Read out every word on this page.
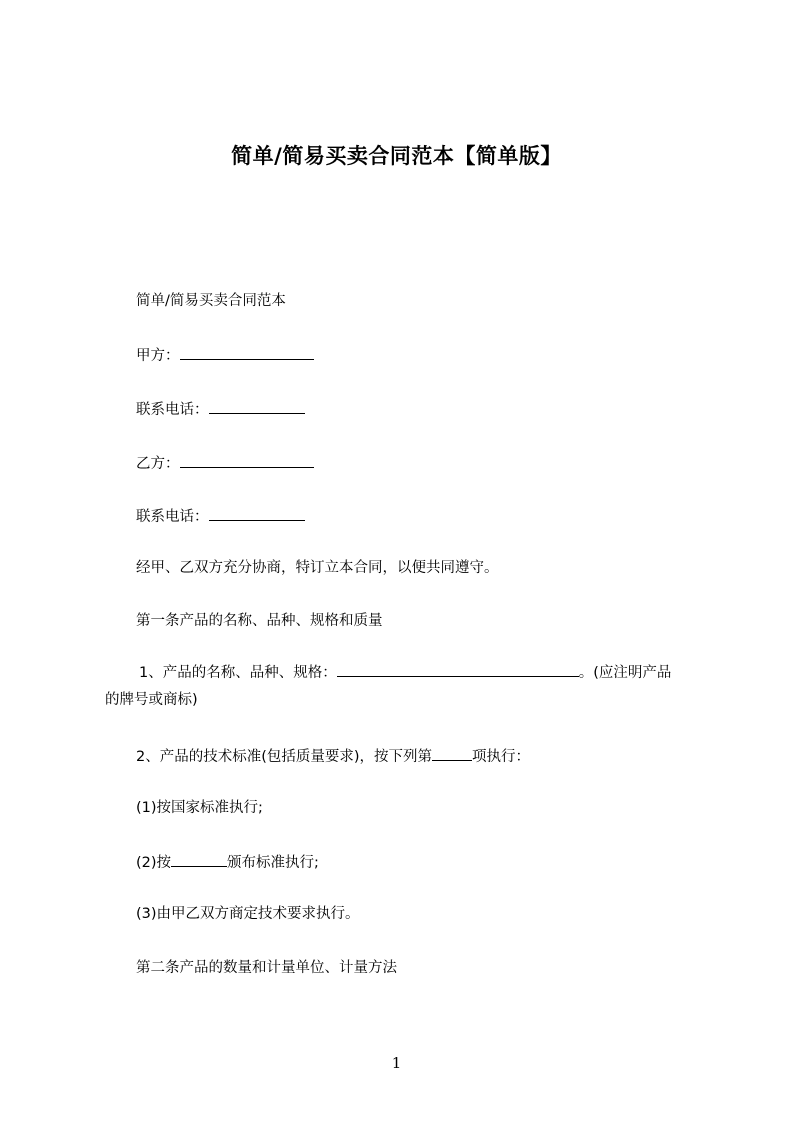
简单/简易买卖合同范本【简单版】
简单/简易买卖合同范本
甲方：
联系电话：
乙方：
联系电话：
经甲、乙双方充分协商，特订立本合同，以便共同遵守。
第一条产品的名称、品种、规格和质量
1、产品的名称、品种、规格：	。(应注明产品
的牌号或商标)
2、产品的技术标准(包括质量要求)，按下列第	项执行：
(1)按国家标准执行;
(2)按	颁布标准执行;
(3)由甲乙双方商定技术要求执行。
第二条产品的数量和计量单位、计量方法
1
